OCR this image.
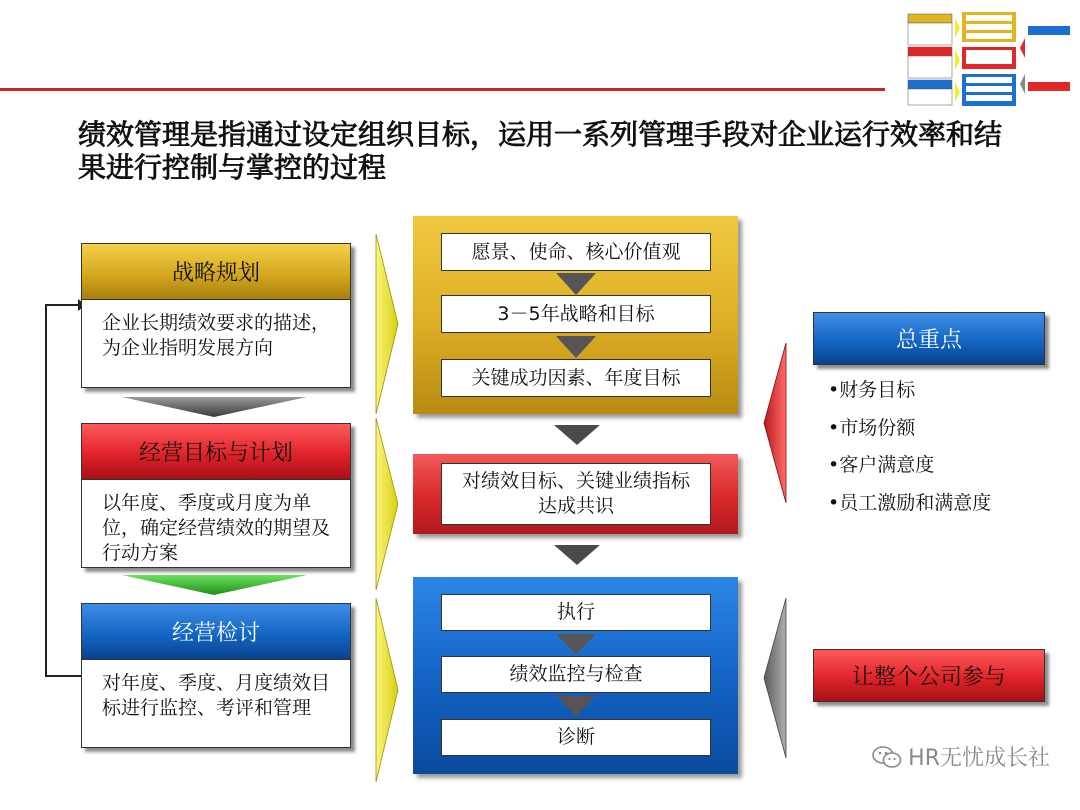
绩效管理是指通过设定组织目标，运用一系列管理手段对企业运行效率和结果进行控制与掌控的过程
战略规划
企业长期绩效要求的描述，为企业指明发展方向
经营目标与计划
以年度、季度或月度为单位，确定经营绩效的期望及行动方案
经营检讨
对年度、季度、月度绩效目标进行监控、考评和管理
愿景、使命、核心价值观
3－5年战略和目标
关键成功因素、年度目标
对绩效目标、关键业绩指标达成共识
执行
绩效监控与检查
诊断
总重点
• 财务目标
• 市场份额
• 客户满意度
• 员工激励和满意度
让整个公司参与
HR无忧成长社
